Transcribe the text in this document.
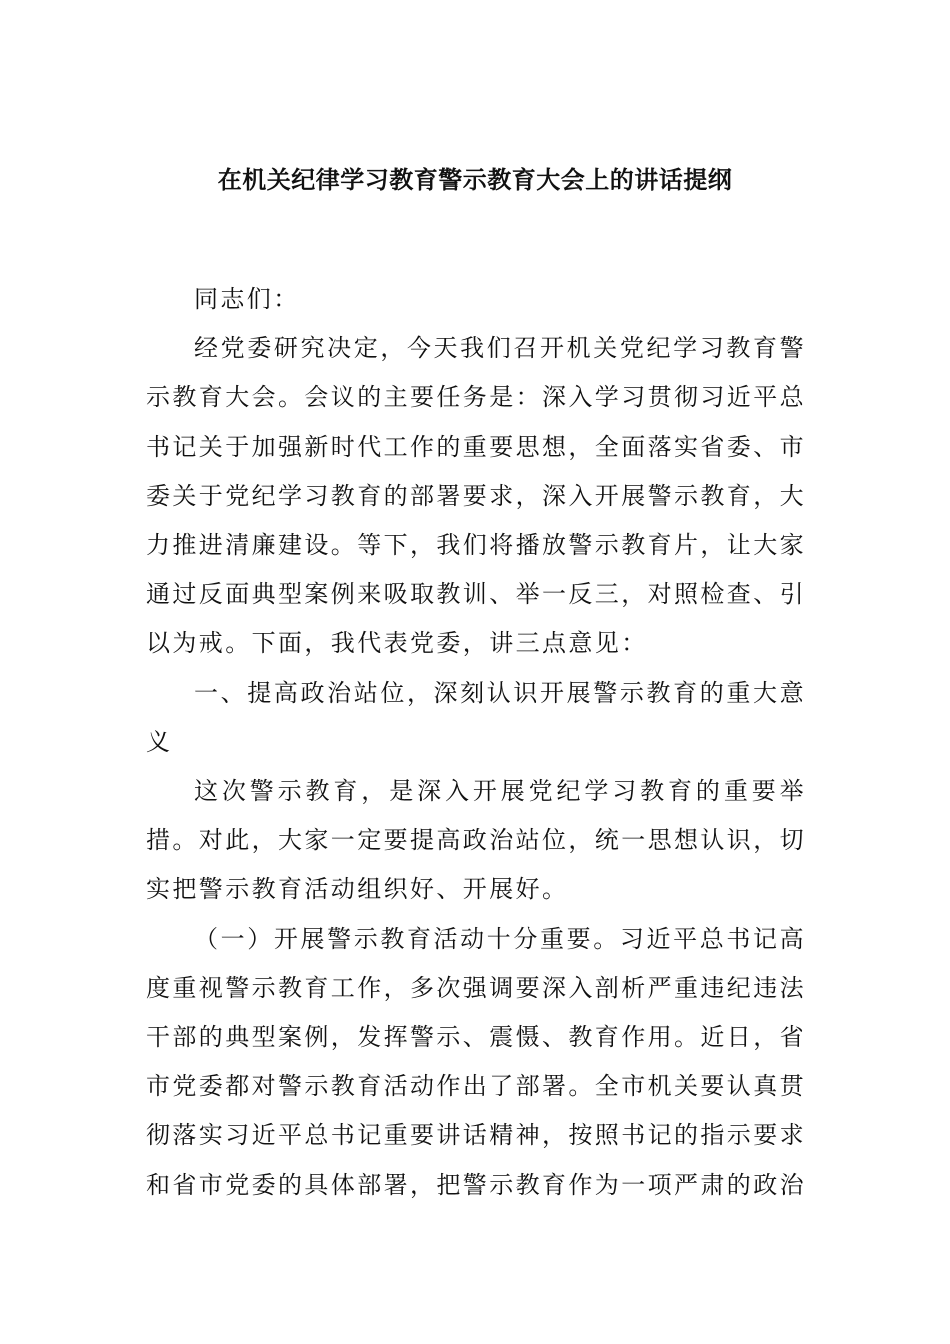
在机关纪律学习教育警示教育大会上的讲话提纲

同志们：

经党委研究决定，今天我们召开机关党纪学习教育警示教育大会。会议的主要任务是：深入学习贯彻习近平总书记关于加强新时代工作的重要思想，全面落实省委、市委关于党纪学习教育的部署要求，深入开展警示教育，大力推进清廉建设。等下，我们将播放警示教育片，让大家通过反面典型案例来吸取教训、举一反三，对照检查、引以为戒。下面，我代表党委，讲三点意见：

一、提高政治站位，深刻认识开展警示教育的重大意义

这次警示教育，是深入开展党纪学习教育的重要举措。对此，大家一定要提高政治站位，统一思想认识，切实把警示教育活动组织好、开展好。

（一）开展警示教育活动十分重要。习近平总书记高度重视警示教育工作，多次强调要深入剖析严重违纪违法干部的典型案例，发挥警示、震慑、教育作用。近日，省市党委都对警示教育活动作出了部署。全市机关要认真贯彻落实习近平总书记重要讲话精神，按照书记的指示要求和省市党委的具体部署，把警示教育作为一项严肃的政治
